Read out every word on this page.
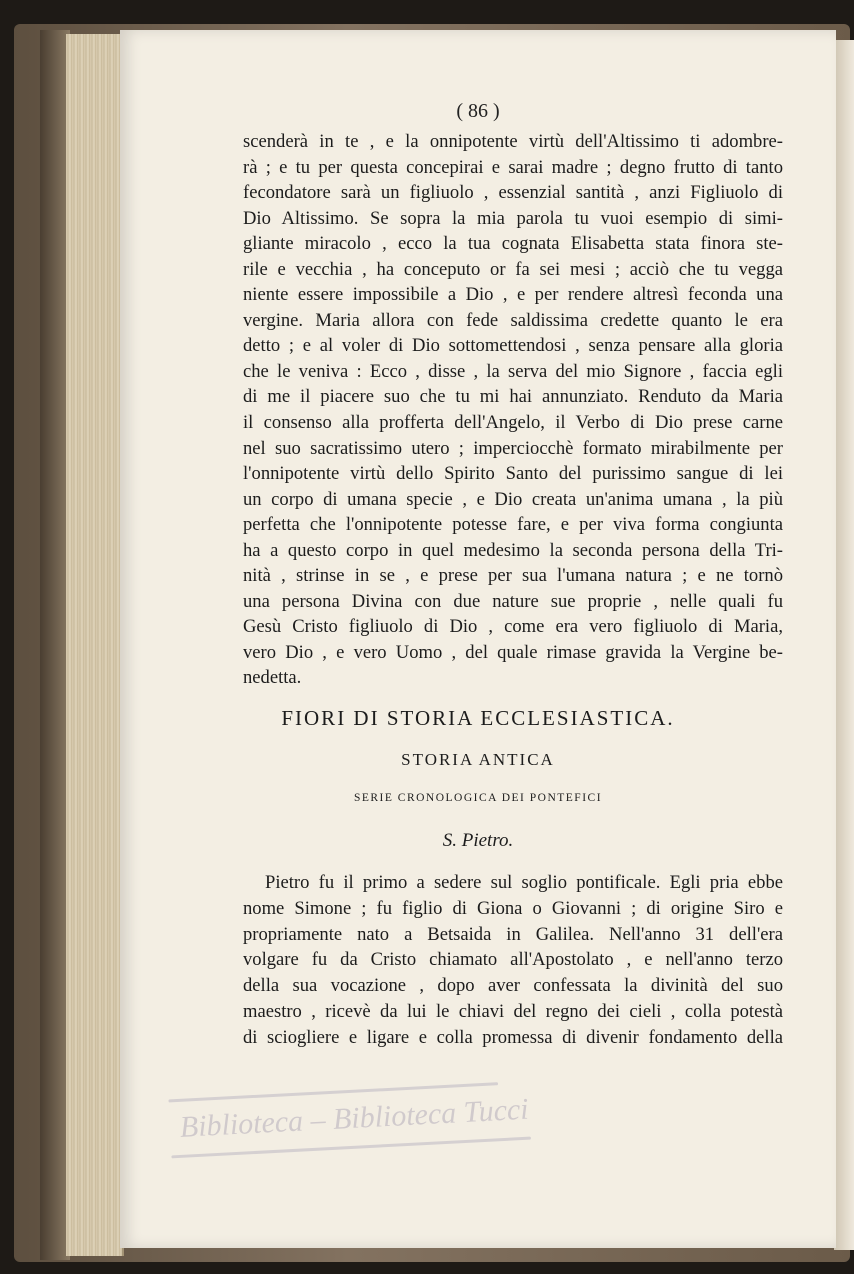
( 86 )
scenderà in te , e la onnipotente virtù dell'Altissimo ti adombre-
rà ; e tu per questa concepirai e sarai madre ; degno frutto di tanto
fecondatore sarà un figliuolo , essenzial santità , anzi Figliuolo di
Dio Altissimo. Se sopra la mia parola tu vuoi esempio di simi-
gliante miracolo , ecco la tua cognata Elisabetta stata finora ste-
rile e vecchia , ha conceputo or fa sei mesi ; acciò che tu vegga
niente essere impossibile a Dio , e per rendere altresì feconda una
vergine. Maria allora con fede saldissima credette quanto le era
detto ; e al voler di Dio sottomettendosi , senza pensare alla gloria
che le veniva : Ecco , disse , la serva del mio Signore , faccia egli
di me il piacere suo che tu mi hai annunziato. Renduto da Maria
il consenso alla profferta dell'Angelo, il Verbo di Dio prese carne
nel suo sacratissimo utero ; imperciocchè formato mirabilmente per
l'onnipotente virtù dello Spirito Santo del purissimo sangue di lei
un corpo di umana specie , e Dio creata un'anima umana , la più
perfetta che l'onnipotente potesse fare, e per viva forma congiunta
ha a questo corpo in quel medesimo la seconda persona della Tri-
nità , strinse in se , e prese per sua l'umana natura ; e ne tornò
una persona Divina con due nature sue proprie , nelle quali fu
Gesù Cristo figliuolo di Dio , come era vero figliuolo di Maria,
vero Dio , e vero Uomo , del quale rimase gravida la Vergine be-
nedetta.
FIORI DI STORIA ECCLESIASTICA.
STORIA ANTICA
SERIE CRONOLOGICA DEI PONTEFICI
S. Pietro.
Pietro fu il primo a sedere sul soglio pontificale. Egli pria ebbe
nome Simone ; fu figlio di Giona o Giovanni ; di origine Siro e
propriamente nato a Betsaida in Galilea. Nell'anno 31 dell'era
volgare fu da Cristo chiamato all'Apostolato , e nell'anno terzo
della sua vocazione , dopo aver confessata la divinità del suo
maestro , ricevè da lui le chiavi del regno dei cieli , colla potestà
di sciogliere e ligare e colla promessa di divenir fondamento della
Biblioteca – Biblioteca Tucci
